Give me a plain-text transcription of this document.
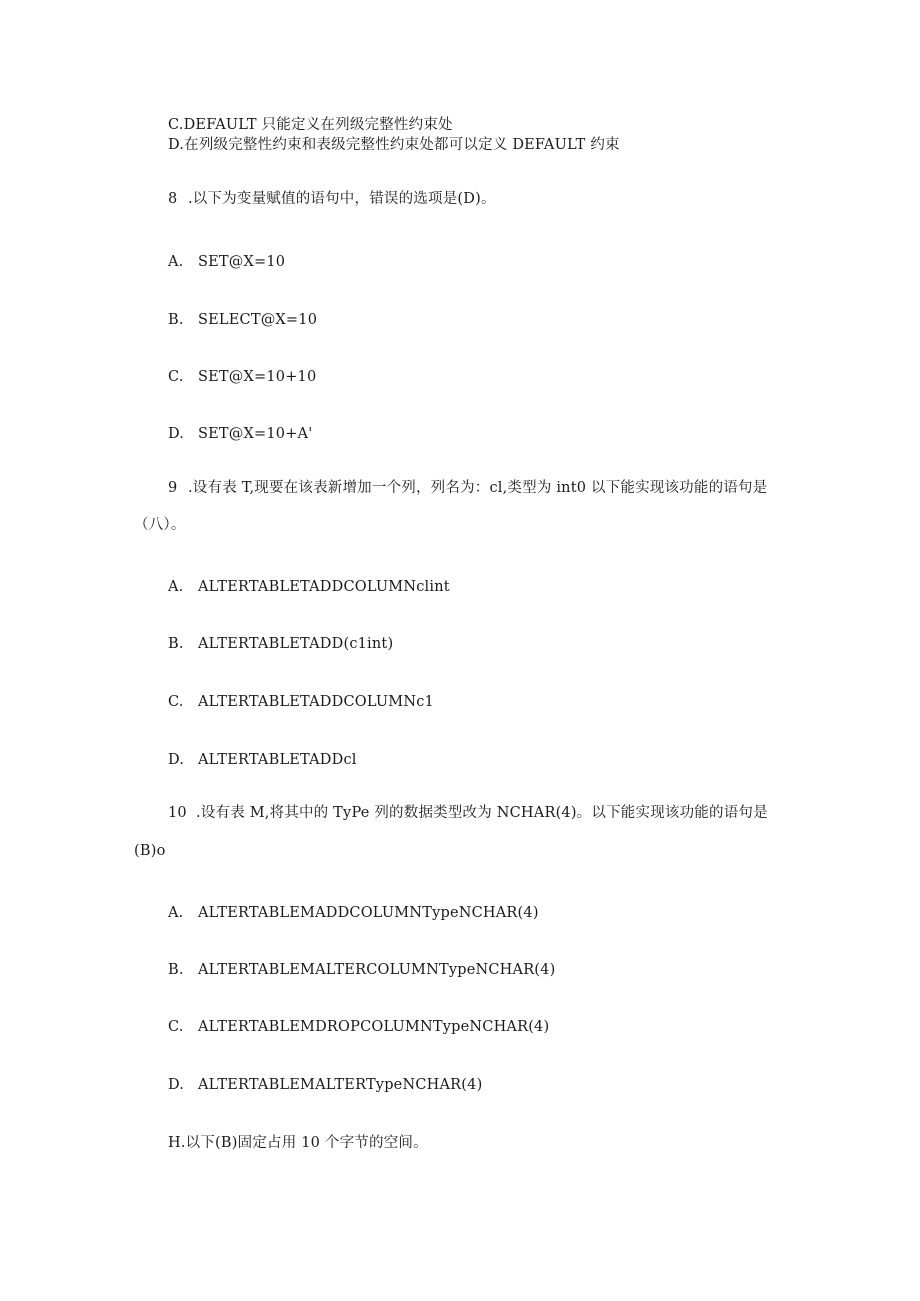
C.DEFAULT 只能定义在列级完整性约束处
D.在列级完整性约束和表级完整性约束处都可以定义 DEFAULT 约束
8 .以下为变量赋值的语句中，错误的选项是(D)。
A. SET@X=10
B. SELECT@X=10
C. SET@X=10+10
D. SET@X=10+A'
9 .设有表 T,现要在该表新增加一个列，列名为：cl,类型为 int0 以下能实现该功能的语句是
（八）。
A. ALTERTABLETADDCOLUMNclint
B. ALTERTABLETADD(c1int)
C. ALTERTABLETADDCOLUMNc1
D. ALTERTABLETADDcl
10 .设有表 M,将其中的 TyPe 列的数据类型改为 NCHAR(4)。以下能实现该功能的语句是
(B)o
A. ALTERTABLEMADDCOLUMNTypeNCHAR(4)
B. ALTERTABLEMALTERCOLUMNTypeNCHAR(4)
C. ALTERTABLEMDROPCOLUMNTypeNCHAR(4)
D. ALTERTABLEMALTERTypeNCHAR(4)
H.以下(B)固定占用 10 个字节的空间。
